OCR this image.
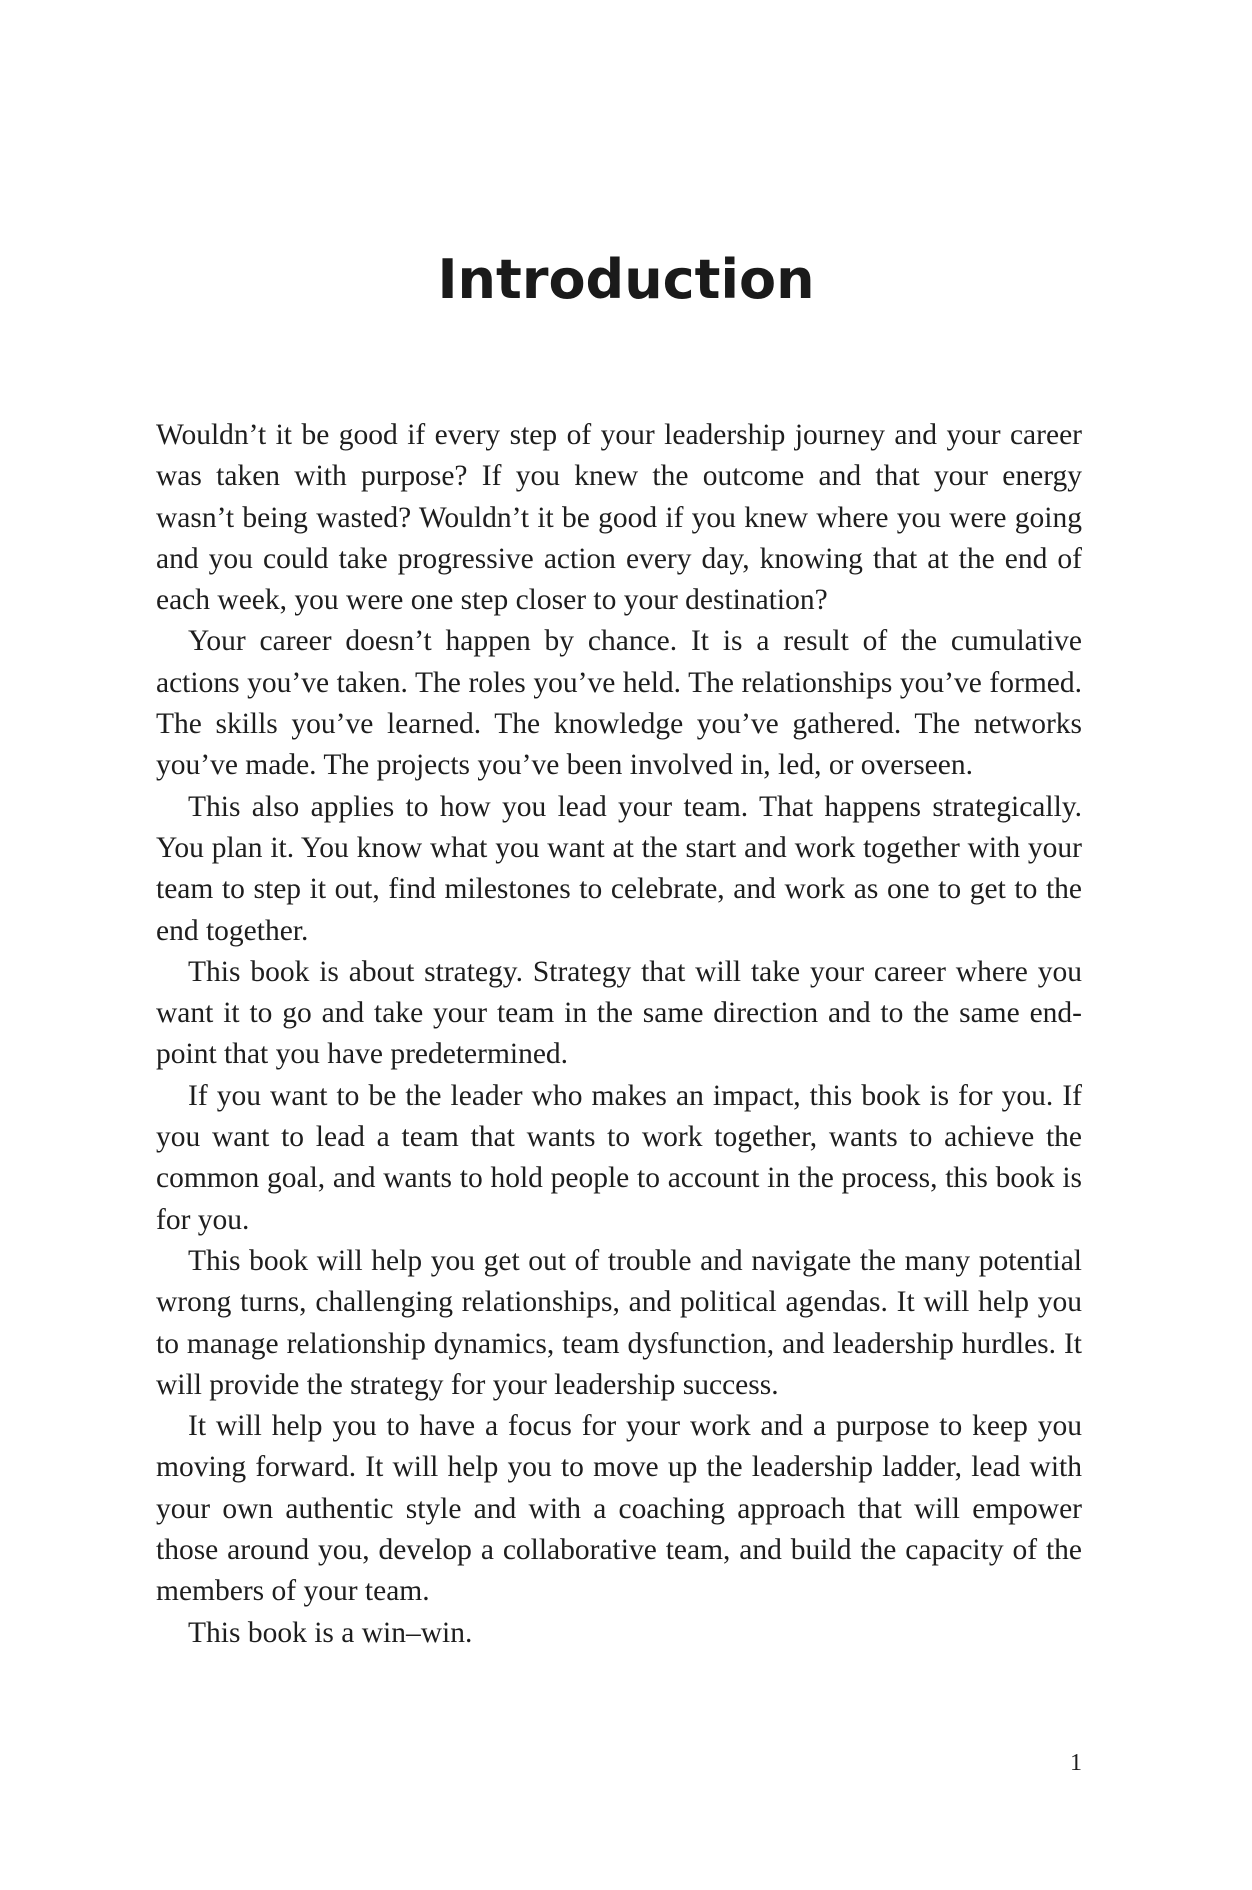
Introduction

Wouldn’t it be good if every step of your leadership journey and your career was taken with purpose? If you knew the outcome and that your energy wasn’t being wasted? Wouldn’t it be good if you knew where you were going and you could take progressive action every day, knowing that at the end of each week, you were one step closer to your destination?

Your career doesn’t happen by chance. It is a result of the cumulative actions you’ve taken. The roles you’ve held. The relationships you’ve formed. The skills you’ve learned. The knowledge you’ve gathered. The networks you’ve made. The projects you’ve been involved in, led, or overseen.

This also applies to how you lead your team. That happens strategically. You plan it. You know what you want at the start and work together with your team to step it out, find milestones to celebrate, and work as one to get to the end together.

This book is about strategy. Strategy that will take your career where you want it to go and take your team in the same direction and to the same end-point that you have predetermined.

If you want to be the leader who makes an impact, this book is for you. If you want to lead a team that wants to work together, wants to achieve the common goal, and wants to hold people to account in the process, this book is for you.

This book will help you get out of trouble and navigate the many potential wrong turns, challenging relationships, and political agendas. It will help you to manage relationship dynamics, team dysfunction, and leadership hurdles. It will provide the strategy for your leadership success.

It will help you to have a focus for your work and a purpose to keep you moving forward. It will help you to move up the leadership ladder, lead with your own authentic style and with a coaching approach that will empower those around you, develop a collaborative team, and build the capacity of the members of your team.

This book is a win–win.

1
